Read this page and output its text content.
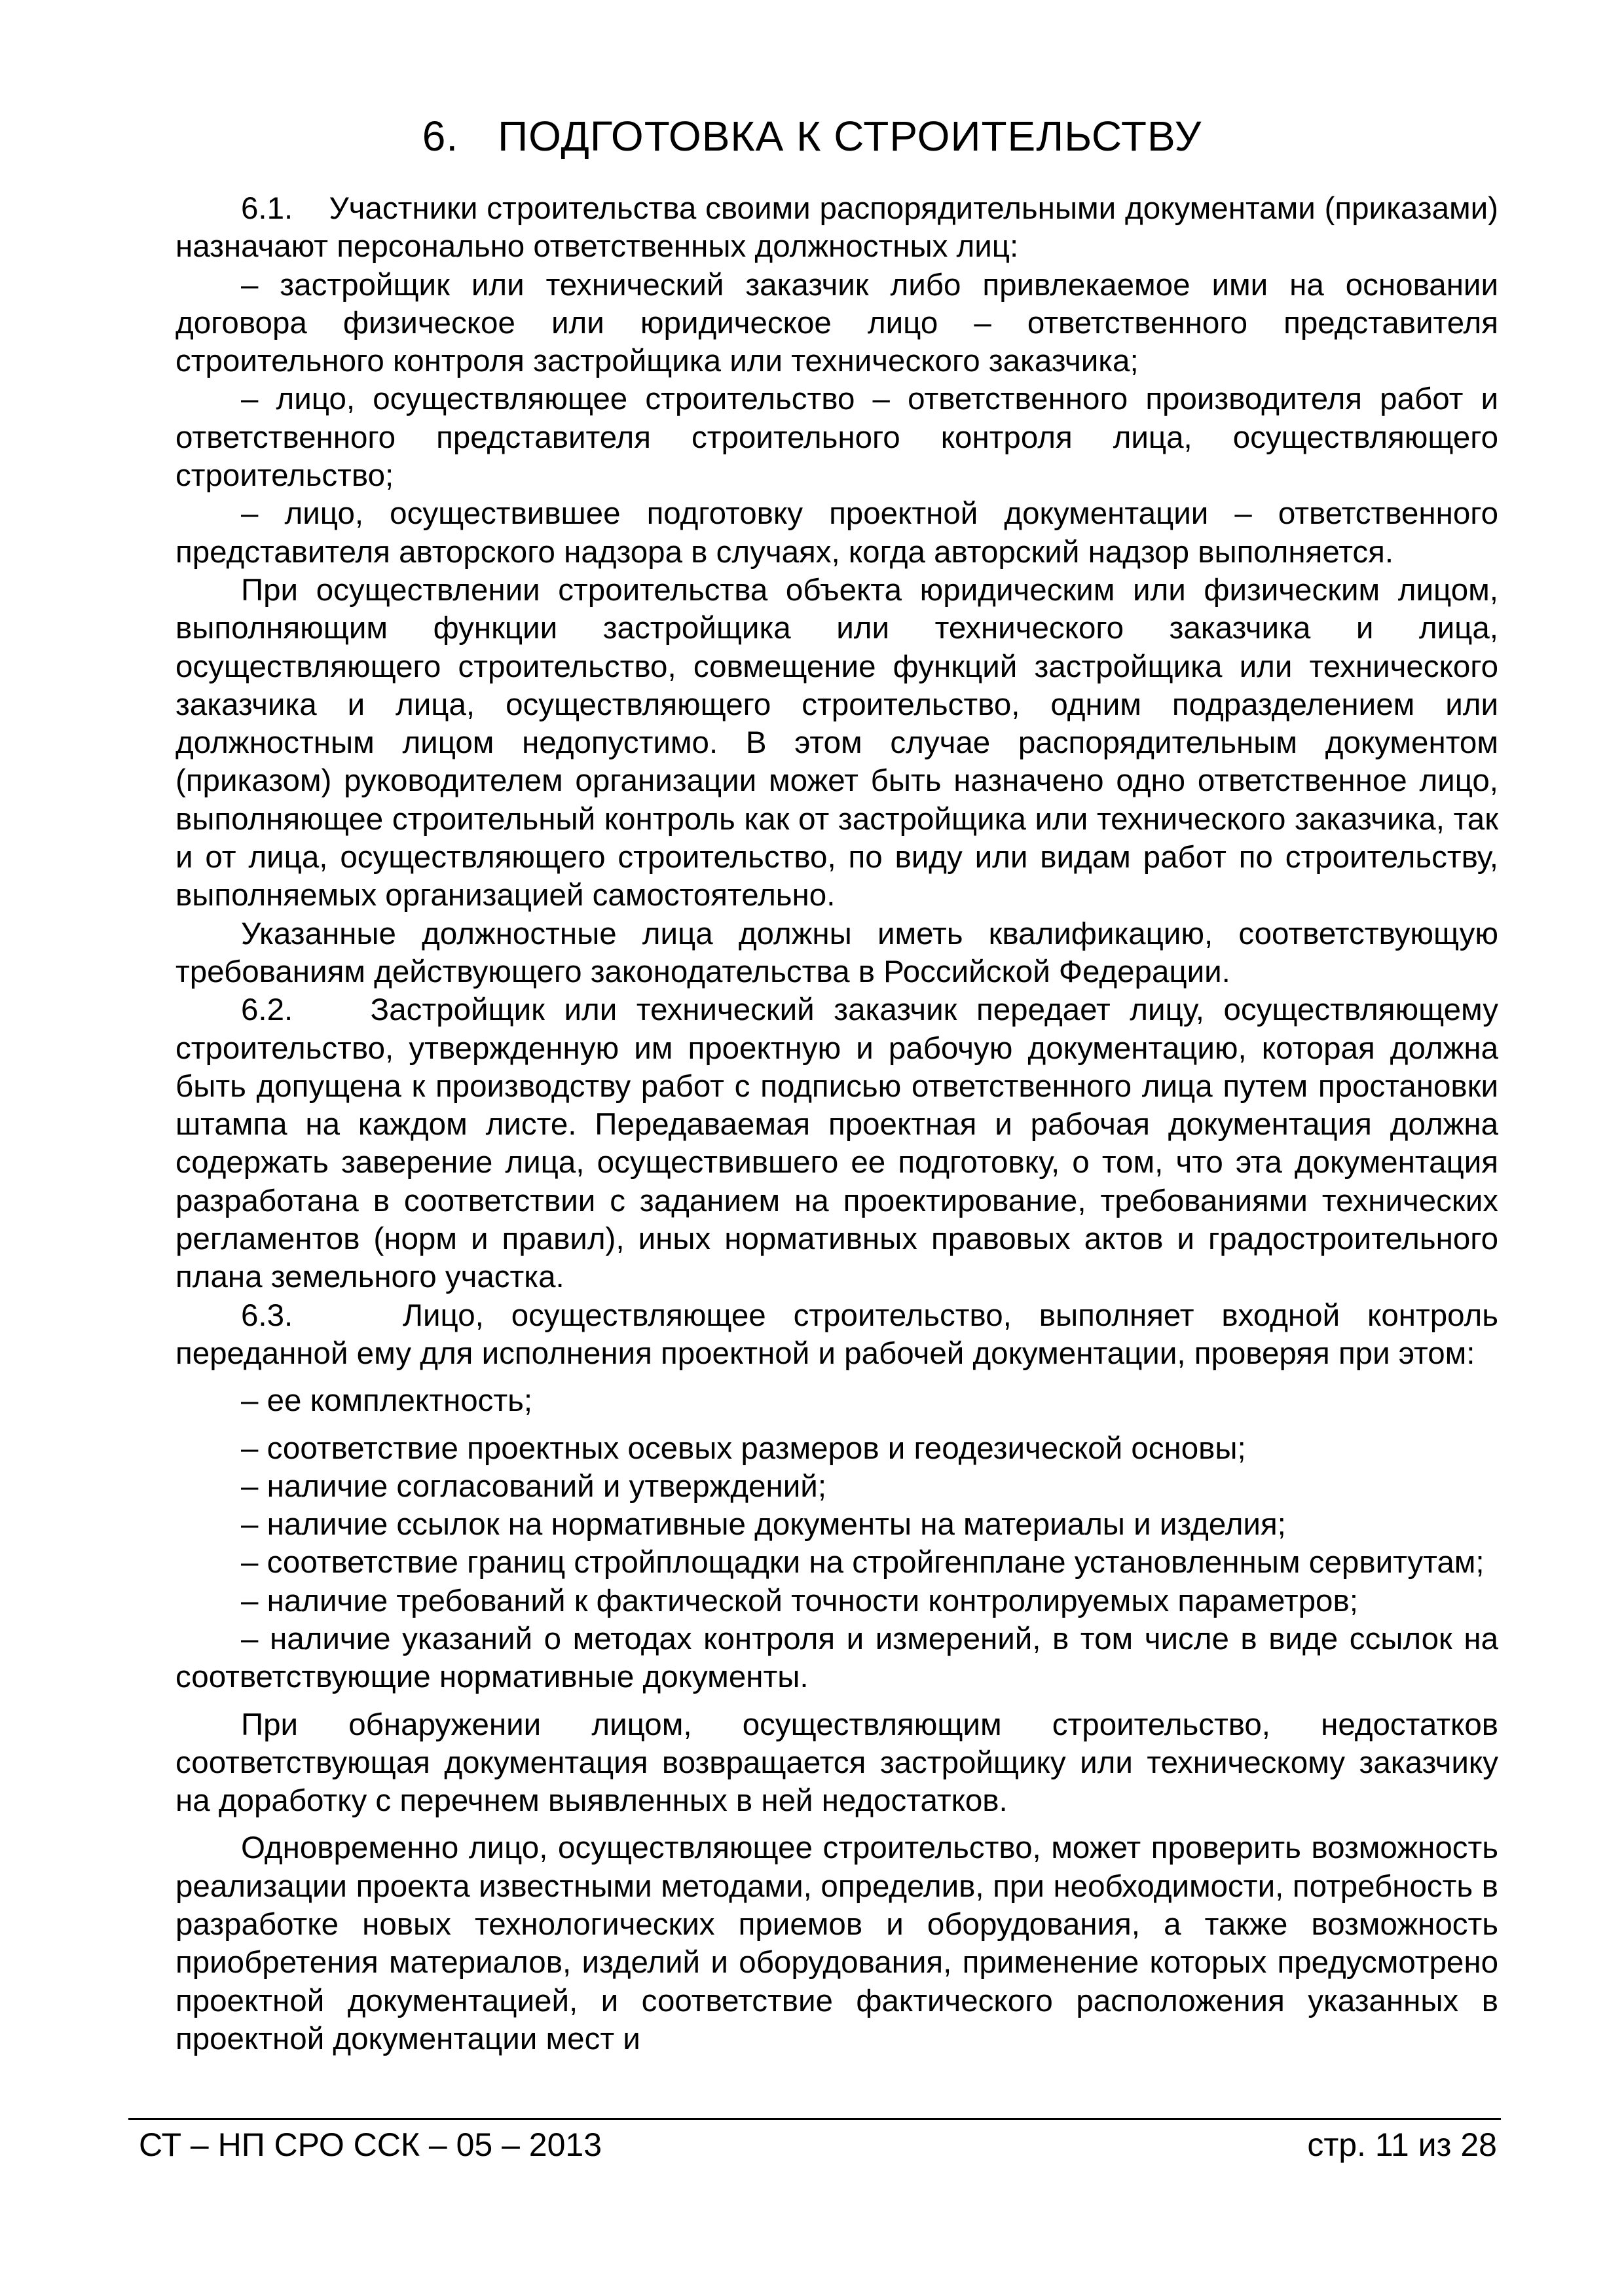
6. ПОДГОТОВКА К СТРОИТЕЛЬСТВУ

6.1.    Участники строительства своими распорядительными документами (приказами) назначают персонально ответственных должностных лиц:

– застройщик или технический заказчик либо привлекаемое ими на основании договора физическое или юридическое лицо – ответственного представителя строительного контроля застройщика или технического заказчика;

– лицо, осуществляющее строительство – ответственного производителя работ и ответственного представителя строительного контроля лица, осуществляющего строительство;

– лицо, осуществившее подготовку проектной документации – ответственного представителя авторского надзора в случаях, когда авторский надзор выполняется.

При осуществлении строительства объекта юридическим или физическим лицом, выполняющим функции застройщика или технического заказчика и лица, осуществляющего строительство, совмещение функций застройщика или технического заказчика и лица, осуществляющего строительство, одним подразделением или должностным лицом недопустимо. В этом случае распорядительным документом (приказом) руководителем организации может быть назначено одно ответственное лицо, выполняющее строительный контроль как от застройщика или технического заказчика, так и от лица, осуществляющего строительство, по виду или видам работ по строительству, выполняемых организацией самостоятельно.

Указанные должностные лица должны иметь квалификацию, соответствующую требованиям действующего законодательства в Российской Федерации.

6.2.    Застройщик или технический заказчик передает лицу, осуществляющему строительство, утвержденную им проектную и рабочую документацию, которая должна быть допущена к производству работ с подписью ответственного лица путем простановки штампа на каждом листе. Передаваемая проектная и рабочая документация должна содержать заверение лица, осуществившего ее подготовку, о том, что эта документация разработана в соответствии с заданием на проектирование, требованиями технических регламентов (норм и правил), иных нормативных правовых актов и градостроительного плана земельного участка.

6.3.    Лицо, осуществляющее строительство, выполняет входной контроль переданной ему для исполнения проектной и рабочей документации, проверяя при этом:

– ее комплектность;

– соответствие проектных осевых размеров и геодезической основы;

– наличие согласований и утверждений;

– наличие ссылок на нормативные документы на материалы и изделия;

– соответствие границ стройплощадки на стройгенплане установленным сервитутам;

– наличие требований к фактической точности контролируемых параметров;

– наличие указаний о методах контроля и измерений, в том числе в виде ссылок на соответствующие нормативные документы.

При обнаружении лицом, осуществляющим строительство, недостатков соответствующая документация возвращается застройщику или техническому заказчику на доработку с перечнем выявленных в ней недостатков.

Одновременно лицо, осуществляющее строительство, может проверить возможность реализации проекта известными методами, определив, при необходимости, потребность в разработке новых технологических приемов и оборудования, а также возможность приобретения материалов, изделий и оборудования, применение которых предусмотрено проектной документацией, и соответствие фактического расположения указанных в проектной документации мест и

СТ – НП СРО ССК – 05 – 2013	стр. 11 из 28
